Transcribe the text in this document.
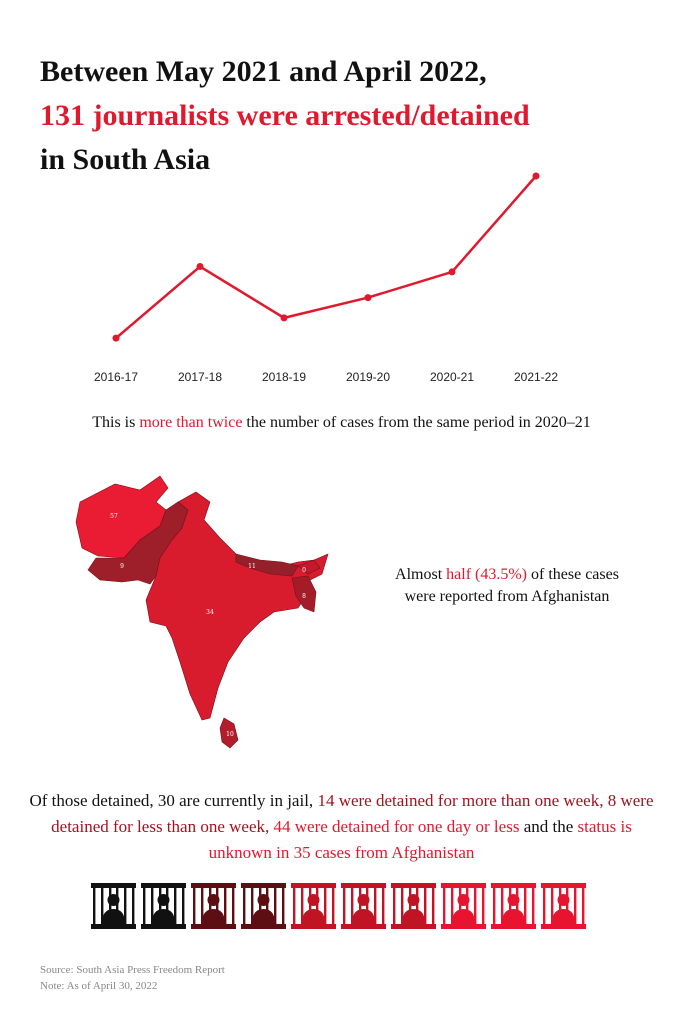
Between May 2021 and April 2022,
131 journalists were arrested/detained
in South Asia
2016-17	2017-18	2018-19	2019-20	2020-21	2021-22
This is more than twice the number of cases from the same period in 2020–21
57
9
34
11
0
8
10
Almost half (43.5%) of these cases were reported from Afghanistan
Of those detained, 30 are currently in jail, 14 were detained for more than one week, 8 were detained for less than one week, 44 were detained for one day or less and the status is unknown in 35 cases from Afghanistan
Source: South Asia Press Freedom Report
Note: As of April 30, 2022
